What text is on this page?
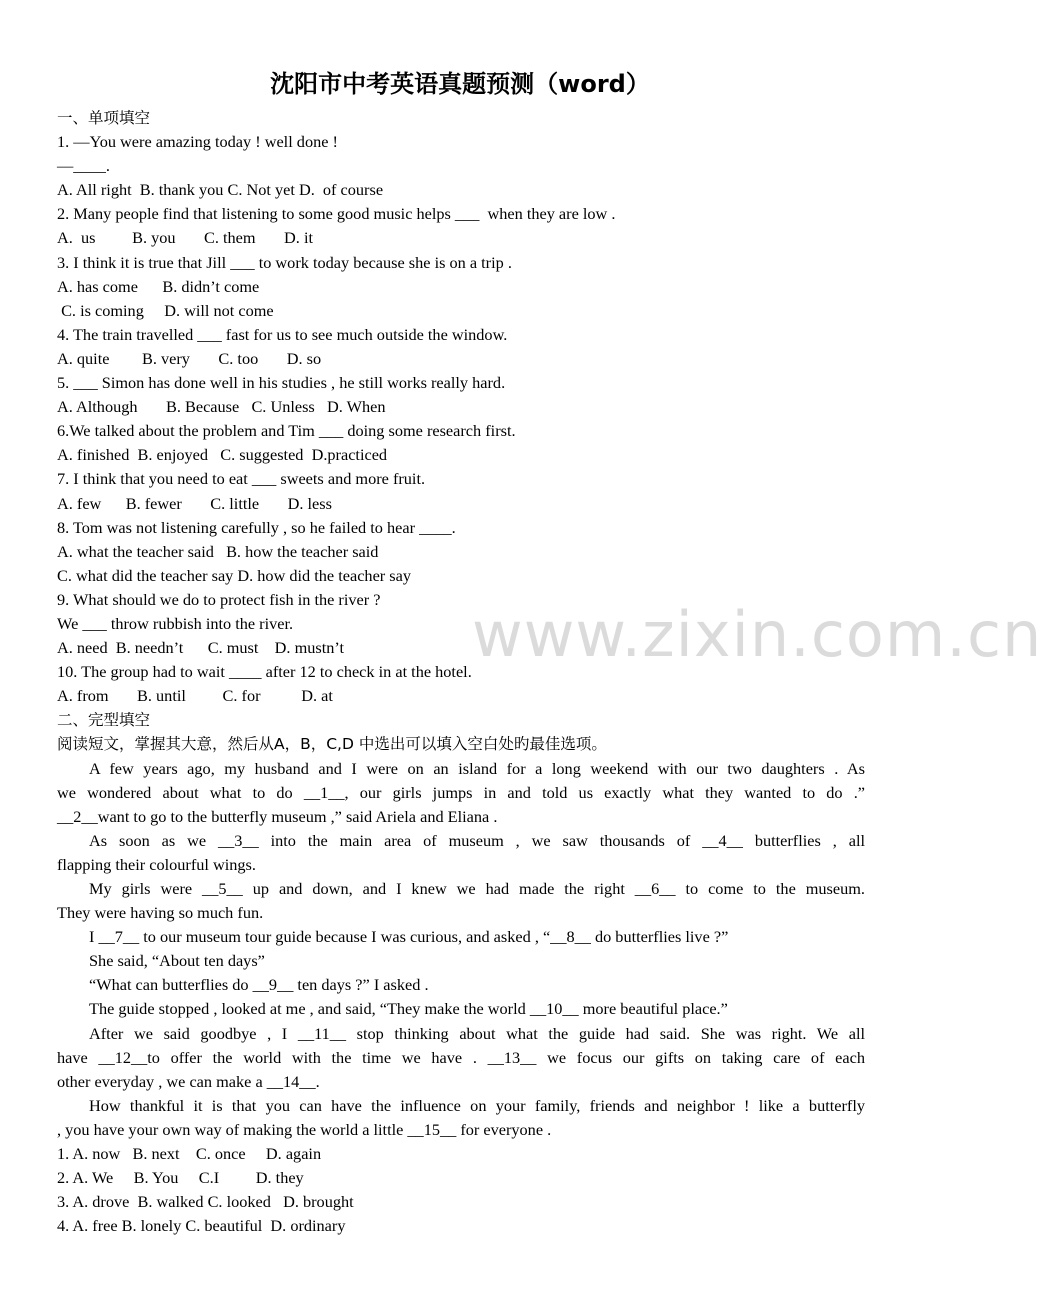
沈阳市中考英语真题预测（word）
一、单项填空
1. —You were amazing today ! well done !
—____.
A. All right  B. thank you C. Not yet D.  of course
2. Many people find that listening to some good music helps ___  when they are low .
A.  us         B. you       C. them       D. it
3. I think it is true that Jill ___ to work today because she is on a trip .
A. has come      B. didn’t come
C. is coming     D. will not come
4. The train travelled ___ fast for us to see much outside the window.
A. quite        B. very       C. too       D. so
5. ___ Simon has done well in his studies , he still works really hard.
A. Although       B. Because   C. Unless   D. When
6.We talked about the problem and Tim ___ doing some research first.
A. finished  B. enjoyed   C. suggested  D.practiced
7. I think that you need to eat ___ sweets and more fruit.
A. few      B. fewer       C. little       D. less
8. Tom was not listening carefully , so he failed to hear ____.
A. what the teacher said   B. how the teacher said
C. what did the teacher say D. how did the teacher say
9. What should we do to protect fish in the river ?
We ___ throw rubbish into the river.
A. need  B. needn’t      C. must    D. mustn’t
10. The group had to wait ____ after 12 to check in at the hotel.
A. from       B. until         C. for          D. at
二、完型填空
阅读短文，掌握其大意，然后从A，B，C,D 中选出可以填入空白处旳最佳选项。
A few years ago, my husband and I were on an island for a long weekend with our two daughters . As
we wondered about what to do __1__, our girls jumps in and told us exactly what they wanted to do .”
__2__want to go to the butterfly museum ,” said Ariela and Eliana .
As soon as we __3__ into the main area of museum , we saw thousands of __4__ butterflies , all
flapping their colourful wings.
My girls were __5__ up and down, and I knew we had made the right __6__ to come to the museum.
They were having so much fun.
I __7__ to our museum tour guide because I was curious, and asked , “__8__ do butterflies live ?”
She said, “About ten days”
“What can butterflies do __9__ ten days ?” I asked .
The guide stopped , looked at me , and said, “They make the world __10__ more beautiful place.”
After we said goodbye , I __11__ stop thinking about what the guide had said. She was right. We all
have __12__to offer the world with the time we have . __13__ we focus our gifts on taking care of each
other everyday , we can make a __14__.
How thankful it is that you can have the influence on your family, friends and neighbor ! like a butterfly
, you have your own way of making the world a little __15__ for everyone .
1. A. now   B. next    C. once     D. again
2. A. We     B. You     C.I         D. they
3. A. drove  B. walked C. looked   D. brought
4. A. free B. lonely C. beautiful  D. ordinary
www.zixin.com.cn
